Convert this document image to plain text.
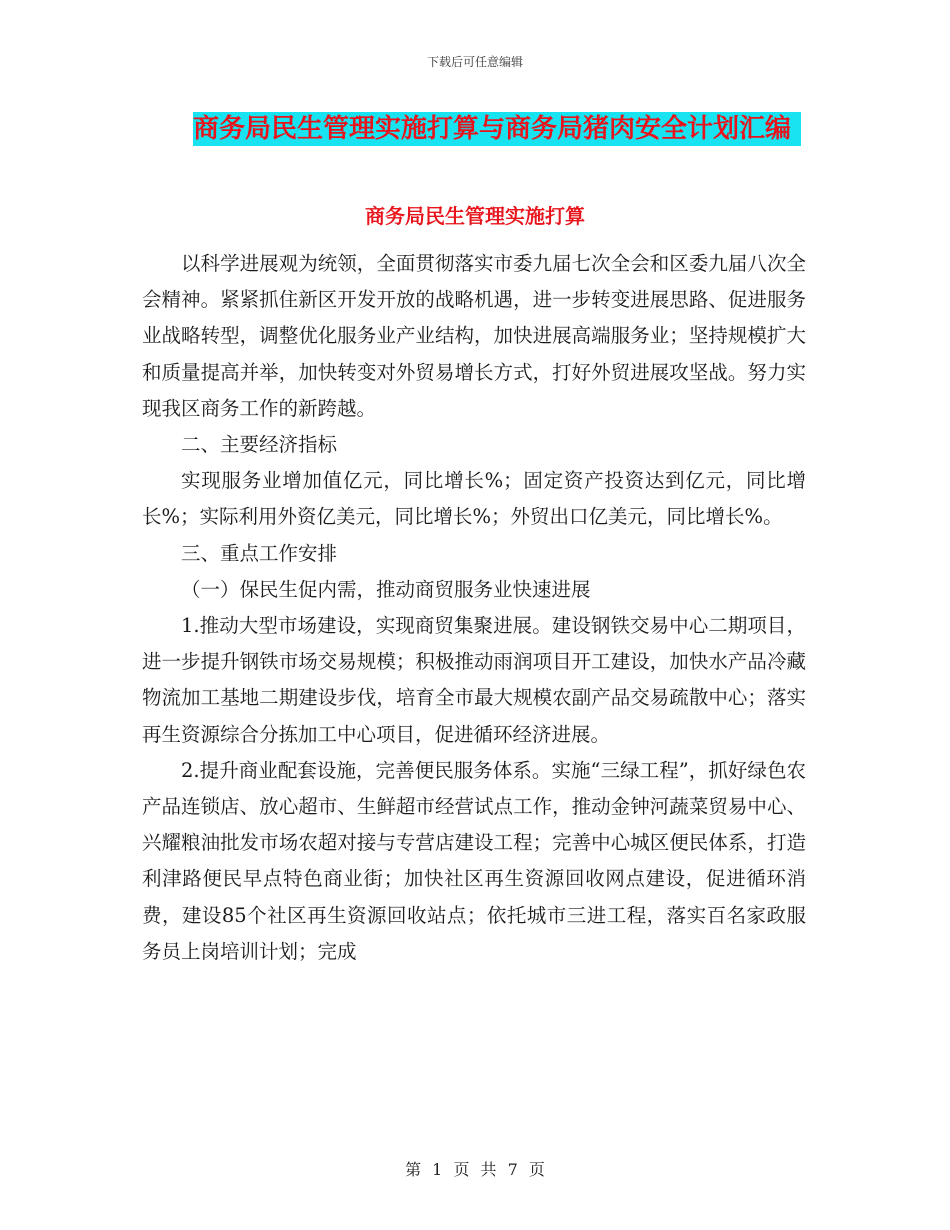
下载后可任意编辑
商务局民生管理实施打算与商务局猪肉安全计划汇编
商务局民生管理实施打算

以科学进展观为统领，全面贯彻落实市委九届七次全会和区委九届八次全会精神。紧紧抓住新区开发开放的战略机遇，进一步转变进展思路、促进服务业战略转型，调整优化服务业产业结构，加快进展高端服务业；坚持规模扩大和质量提高并举，加快转变对外贸易增长方式，打好外贸进展攻坚战。努力实现我区商务工作的新跨越。

二、主要经济指标

实现服务业增加值亿元，同比增长%；固定资产投资达到亿元，同比增长%；实际利用外资亿美元，同比增长%；外贸出口亿美元，同比增长%。

三、重点工作安排

（一）保民生促内需，推动商贸服务业快速进展

1.推动大型市场建设，实现商贸集聚进展。建设钢铁交易中心二期项目，进一步提升钢铁市场交易规模；积极推动雨润项目开工建设，加快水产品冷藏物流加工基地二期建设步伐，培育全市最大规模农副产品交易疏散中心；落实再生资源综合分拣加工中心项目，促进循环经济进展。

2.提升商业配套设施，完善便民服务体系。实施“三绿工程”，抓好绿色农产品连锁店、放心超市、生鲜超市经营试点工作，推动金钟河蔬菜贸易中心、兴耀粮油批发市场农超对接与专营店建设工程；完善中心城区便民体系，打造利津路便民早点特色商业街；加快社区再生资源回收网点建设，促进循环消费，建设85个社区再生资源回收站点；依托城市三进工程，落实百名家政服务员上岗培训计划；完成

第 1 页 共 7 页
